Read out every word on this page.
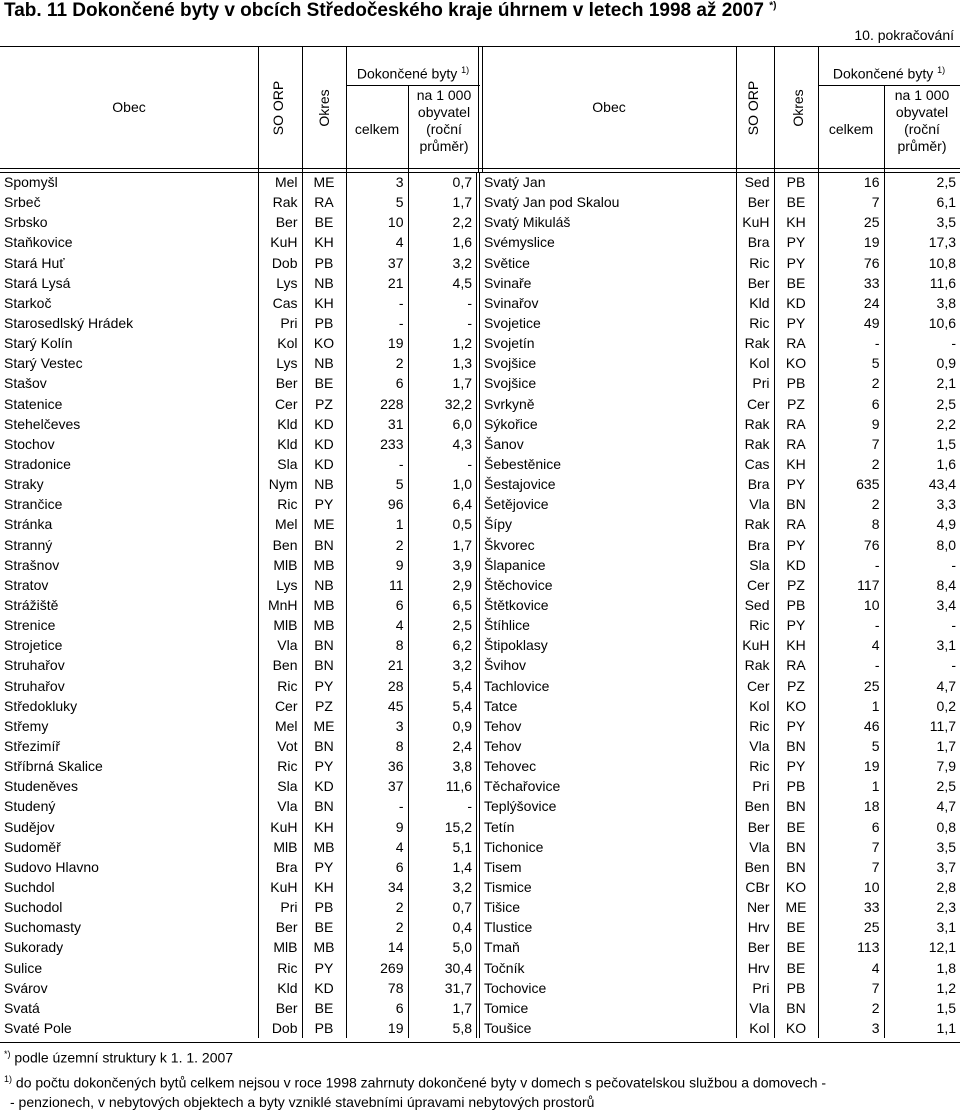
Tab. 11 Dokončené byty v obcích Středočeského kraje úhrnem v letech 1998 až 2007 *)
10. pokračování
Obec	SO ORP Okres
Dokončené byty $^{1)}$
celkem
na 1 000
obyvatel
(roční
průměr)
Obec	SO ORP Okres
Dokončené byty $^{1)}$
celkem
na 1 000
obyvatel
(roční
průměr)
Spomyšl	Mel	ME	3	0,7	Svatý Jan	Sed	PB	16	2,5
Srbeč	Rak	RA	5	1,7	Svatý Jan pod Skalou	Ber	BE	7	6,1
Srbsko	Ber	BE	10	2,2	Svatý Mikuláš	KuH	KH	25	3,5
Staňkovice	KuH	KH	4	1,6	Svémyslice	Bra	PY	19	17,3
Stará Huť	Dob	PB	37	3,2	Světice	Ric	PY	76	10,8
Stará Lysá	Lys	NB	21	4,5	Svinaře	Ber	BE	33	11,6
Starkoč	Cas	KH	-	-	Svinařov	Kld	KD	24	3,8
Starosedlský Hrádek	Pri	PB	-	-	Svojetice	Ric	PY	49	10,6
Starý Kolín	Kol	KO	19	1,2	Svojetín	Rak	RA	-	-
Starý Vestec	Lys	NB	2	1,3	Svojšice	Kol	KO	5	0,9
Stašov	Ber	BE	6	1,7	Svojšice	Pri	PB	2	2,1
Statenice	Cer	PZ	228	32,2	Svrkyně	Cer	PZ	6	2,5
Stehelčeves	Kld	KD	31	6,0	Sýkořice	Rak	RA	9	2,2
Stochov	Kld	KD	233	4,3	Šanov	Rak	RA	7	1,5
Stradonice	Sla	KD	-	-	Šebestěnice	Cas	KH	2	1,6
Straky	Nym	NB	5	1,0	Šestajovice	Bra	PY	635	43,4
Strančice	Ric	PY	96	6,4	Šetějovice	Vla	BN	2	3,3
Stránka	Mel	ME	1	0,5	Šípy	Rak	RA	8	4,9
Stranný	Ben	BN	2	1,7	Škvorec	Bra	PY	76	8,0
Strašnov	MlB	MB	9	3,9	Šlapanice	Sla	KD	-	-
Stratov	Lys	NB	11	2,9	Štěchovice	Cer	PZ	117	8,4
Strážiště	MnH	MB	6	6,5	Štětkovice	Sed	PB	10	3,4
Strenice	MlB	MB	4	2,5	Štíhlice	Ric	PY	-	-
Strojetice	Vla	BN	8	6,2	Štipoklasy	KuH	KH	4	3,1
Struhařov	Ben	BN	21	3,2	Švihov	Rak	RA	-	-
Struhařov	Ric	PY	28	5,4	Tachlovice	Cer	PZ	25	4,7
Středokluky	Cer	PZ	45	5,4	Tatce	Kol	KO	1	0,2
Střemy	Mel	ME	3	0,9	Tehov	Ric	PY	46	11,7
Střezimíř	Vot	BN	8	2,4	Tehov	Vla	BN	5	1,7
Stříbrná Skalice	Ric	PY	36	3,8	Tehovec	Ric	PY	19	7,9
Studeněves	Sla	KD	37	11,6	Těchařovice	Pri	PB	1	2,5
Studený	Vla	BN	-	-	Teplýšovice	Ben	BN	18	4,7
Sudějov	KuH	KH	9	15,2	Tetín	Ber	BE	6	0,8
Sudoměř	MlB	MB	4	5,1	Tichonice	Vla	BN	7	3,5
Sudovo Hlavno	Bra	PY	6	1,4	Tisem	Ben	BN	7	3,7
Suchdol	KuH	KH	34	3,2	Tismice	CBr	KO	10	2,8
Suchodol	Pri	PB	2	0,7	Tišice	Ner	ME	33	2,3
Suchomasty	Ber	BE	2	0,4	Tlustice	Hrv	BE	25	3,1
Sukorady	MlB	MB	14	5,0	Tmaň	Ber	BE	113	12,1
Sulice	Ric	PY	269	30,4	Točník	Hrv	BE	4	1,8
Svárov	Kld	KD	78	31,7	Tochovice	Pri	PB	7	1,2
Svatá	Ber	BE	6	1,7	Tomice	Vla	BN	2	1,5
Svaté Pole	Dob	PB	19	5,8	Toušice	Kol	KO	3	1,1
*) podle územní struktury k 1. 1. 2007
$^{1)}$ do počtu dokončených bytů celkem nejsou v roce 1998 zahrnuty dokončené byty v domech s pečovatelskou službou a domovech -
- penzionech, v nebytových objektech a byty vzniklé stavebními úpravami nebytových prostorů
